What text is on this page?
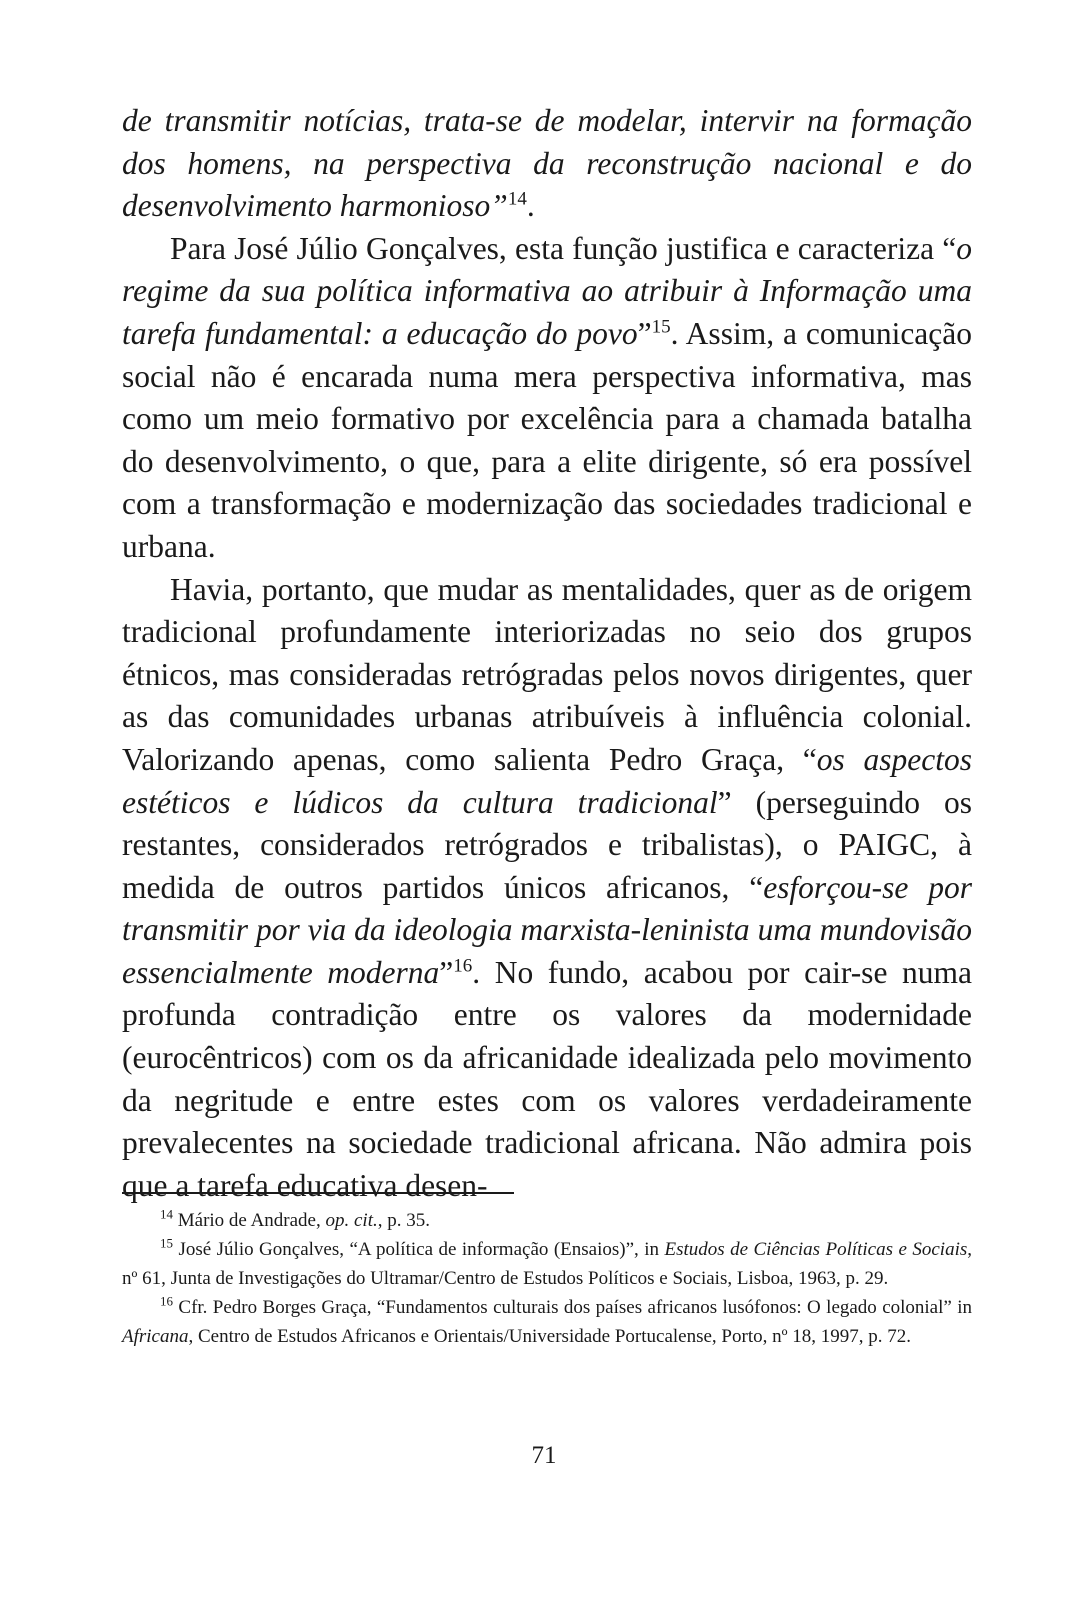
de transmitir notícias, trata-se de modelar, intervir na formação dos homens, na perspectiva da reconstrução nacional e do desenvolvimento harmonioso”$^{14}$.

Para José Júlio Gonçalves, esta função justifica e caracteriza “o regime da sua política informativa ao atribuir à Informação uma tarefa fundamental: a educação do povo”$^{15}$. Assim, a comunicação social não é encarada numa mera perspectiva informativa, mas como um meio formativo por excelência para a chamada batalha do desenvolvimento, o que, para a elite dirigente, só era possível com a transformação e modernização das sociedades tradicional e urbana.

Havia, portanto, que mudar as mentalidades, quer as de origem tradicional profundamente interiorizadas no seio dos grupos étnicos, mas consideradas retrógradas pelos novos dirigentes, quer as das comunidades urbanas atribuíveis à influência colonial. Valorizando apenas, como salienta Pedro Graça, “os aspectos estéticos e lúdicos da cultura tradicional” (perseguindo os restantes, considerados retrógrados e tribalistas), o PAIGC, à medida de outros partidos únicos africanos, “esforçou-se por transmitir por via da ideologia marxista-leninista uma mundovisão essencialmente moderna”$^{16}$. No fundo, acabou por cair-se numa profunda contradição entre os valores da modernidade (eurocêntricos) com os da africanidade idealizada pelo movimento da negritude e entre estes com os valores verdadeiramente prevalecentes na sociedade tradicional africana. Não admira pois que a tarefa educativa desen-

$^{14}$ Mário de Andrade, op. cit., p. 35.

$^{15}$ José Júlio Gonçalves, “A política de informação (Ensaios)”, in Estudos de Ciências Políticas e Sociais, nº 61, Junta de Investigações do Ultramar/Centro de Estudos Políticos e Sociais, Lisboa, 1963, p. 29.

$^{16}$ Cfr. Pedro Borges Graça, “Fundamentos culturais dos países africanos lusófonos: O legado colonial” in Africana, Centro de Estudos Africanos e Orientais/Universidade Portucalense, Porto, nº 18, 1997, p. 72.

71
